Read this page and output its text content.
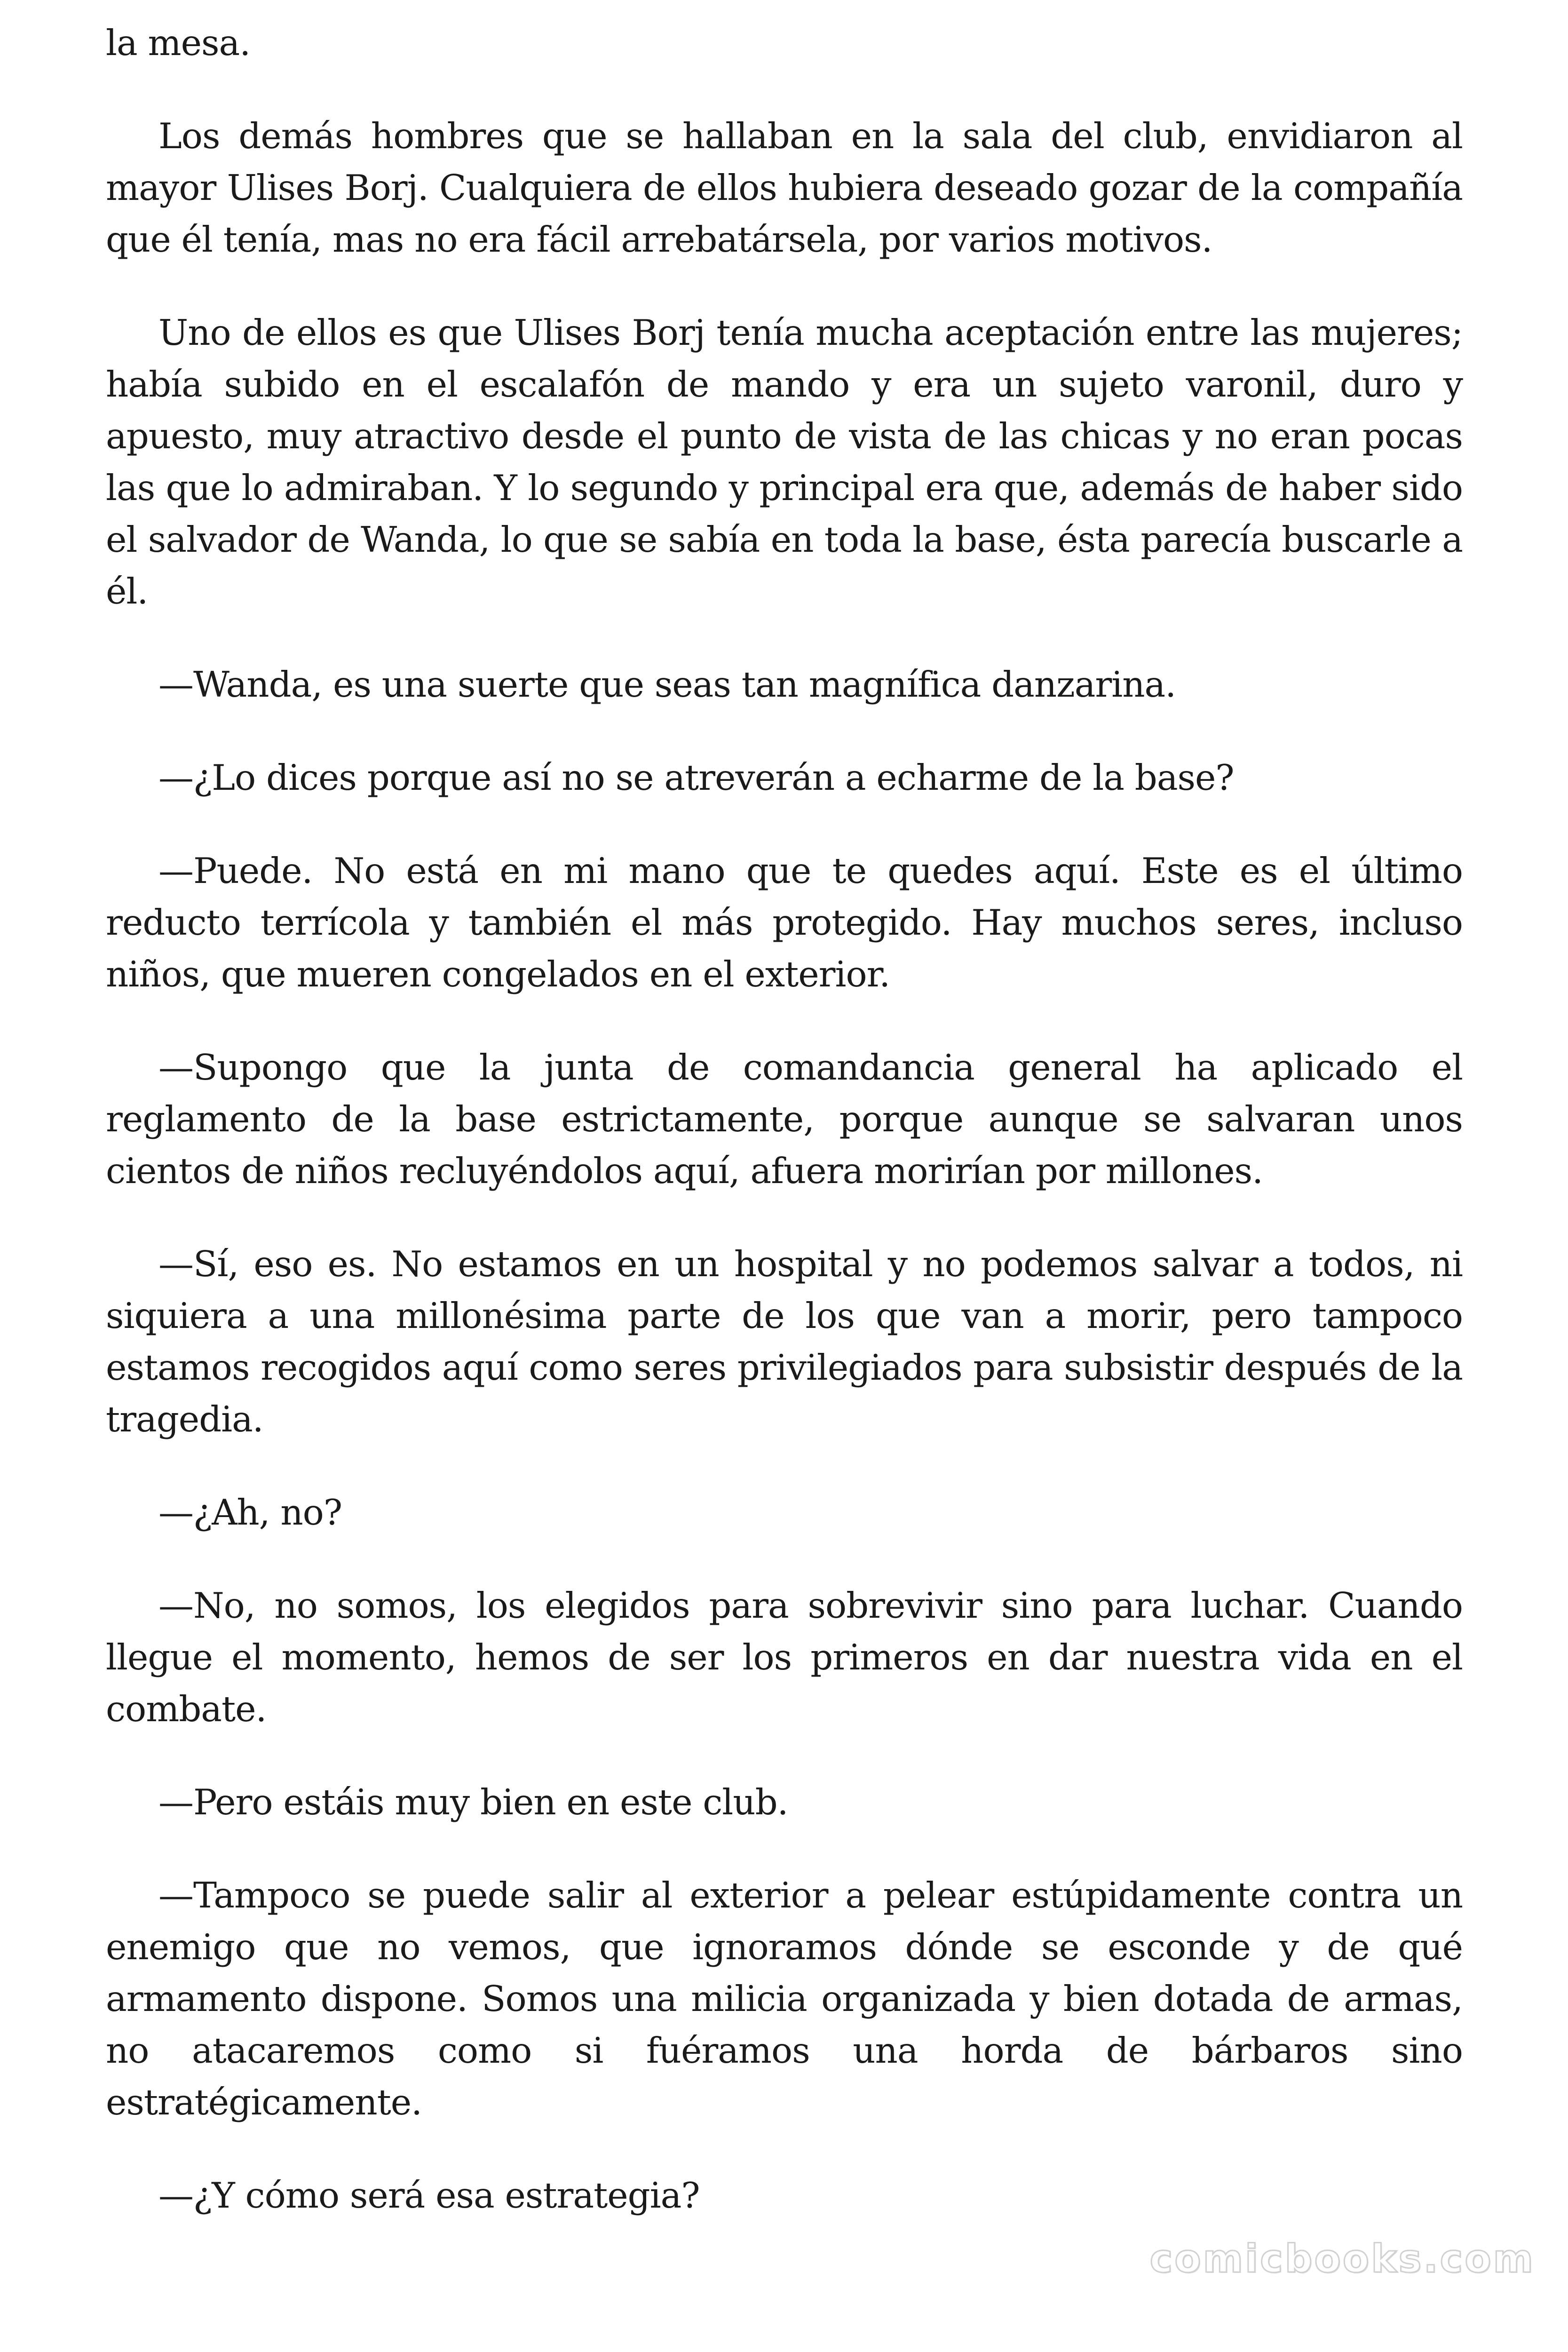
la mesa.

Los demás hombres que se hallaban en la sala del club, envidiaron al mayor Ulises Borj. Cualquiera de ellos hubiera deseado gozar de la compañía que él tenía, mas no era fácil arrebatársela, por varios motivos.

Uno de ellos es que Ulises Borj tenía mucha aceptación entre las mujeres; había subido en el escalafón de mando y era un sujeto varonil, duro y apuesto, muy atractivo desde el punto de vista de las chicas y no eran pocas las que lo admiraban. Y lo segundo y principal era que, además de haber sido el salvador de Wanda, lo que se sabía en toda la base, ésta parecía buscarle a él.

—Wanda, es una suerte que seas tan magnífica danzarina.

—¿Lo dices porque así no se atreverán a echarme de la base?

—Puede. No está en mi mano que te quedes aquí. Este es el último reducto terrícola y también el más protegido. Hay muchos seres, incluso niños, que mueren congelados en el exterior.

—Supongo que la junta de comandancia general ha aplicado el reglamento de la base estrictamente, porque aunque se salvaran unos cientos de niños recluyéndolos aquí, afuera morirían por millones.

—Sí, eso es. No estamos en un hospital y no podemos salvar a todos, ni siquiera a una millonésima parte de los que van a morir, pero tampoco estamos recogidos aquí como seres privilegiados para subsistir después de la tragedia.

—¿Ah, no?

—No, no somos, los elegidos para sobrevivir sino para luchar. Cuando llegue el momento, hemos de ser los primeros en dar nuestra vida en el combate.

—Pero estáis muy bien en este club.

—Tampoco se puede salir al exterior a pelear estúpidamente contra un enemigo que no vemos, que ignoramos dónde se esconde y de qué armamento dispone. Somos una milicia organizada y bien dotada de armas, no atacaremos como si fuéramos una horda de bárbaros sino estratégicamente.

—¿Y cómo será esa estrategia?

comicbooks.com
